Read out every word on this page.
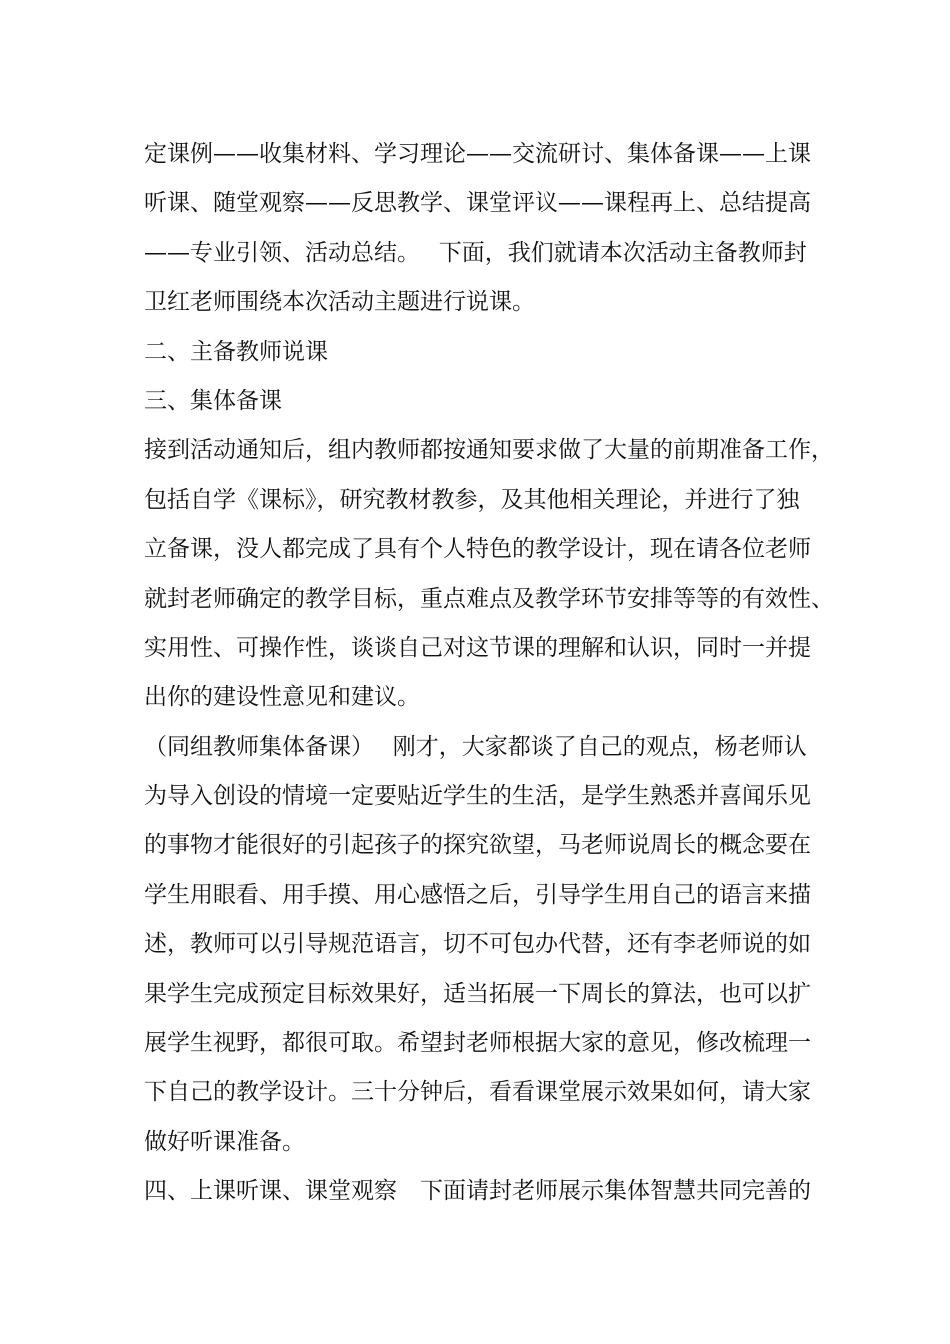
定课例——收集材料、学习理论——交流研讨、集体备课——上课
听课、随堂观察——反思教学、课堂评议——课程再上、总结提高
——专业引领、活动总结。　 下面，我们就请本次活动主备教师封
卫红老师围绕本次活动主题进行说课。
二、主备教师说课
三、集体备课
接到活动通知后，组内教师都按通知要求做了大量的前期准备工作，
包括自学《课标》，研究教材教参，及其他相关理论，并进行了独
立备课，没人都完成了具有个人特色的教学设计，现在请各位老师
就封老师确定的教学目标，重点难点及教学环节安排等等的有效性、
实用性、可操作性，谈谈自己对这节课的理解和认识，同时一并提
出你的建设性意见和建议。
（同组教师集体备课）　 刚才，大家都谈了自己的观点，杨老师认
为导入创设的情境一定要贴近学生的生活，是学生熟悉并喜闻乐见
的事物才能很好的引起孩子的探究欲望，马老师说周长的概念要在
学生用眼看、用手摸、用心感悟之后，引导学生用自己的语言来描
述，教师可以引导规范语言，切不可包办代替，还有李老师说的如
果学生完成预定目标效果好，适当拓展一下周长的算法，也可以扩
展学生视野，都很可取。希望封老师根据大家的意见，修改梳理一
下自己的教学设计。三十分钟后，看看课堂展示效果如何，请大家
做好听课准备。
四、上课听课、课堂观察　下面请封老师展示集体智慧共同完善的
